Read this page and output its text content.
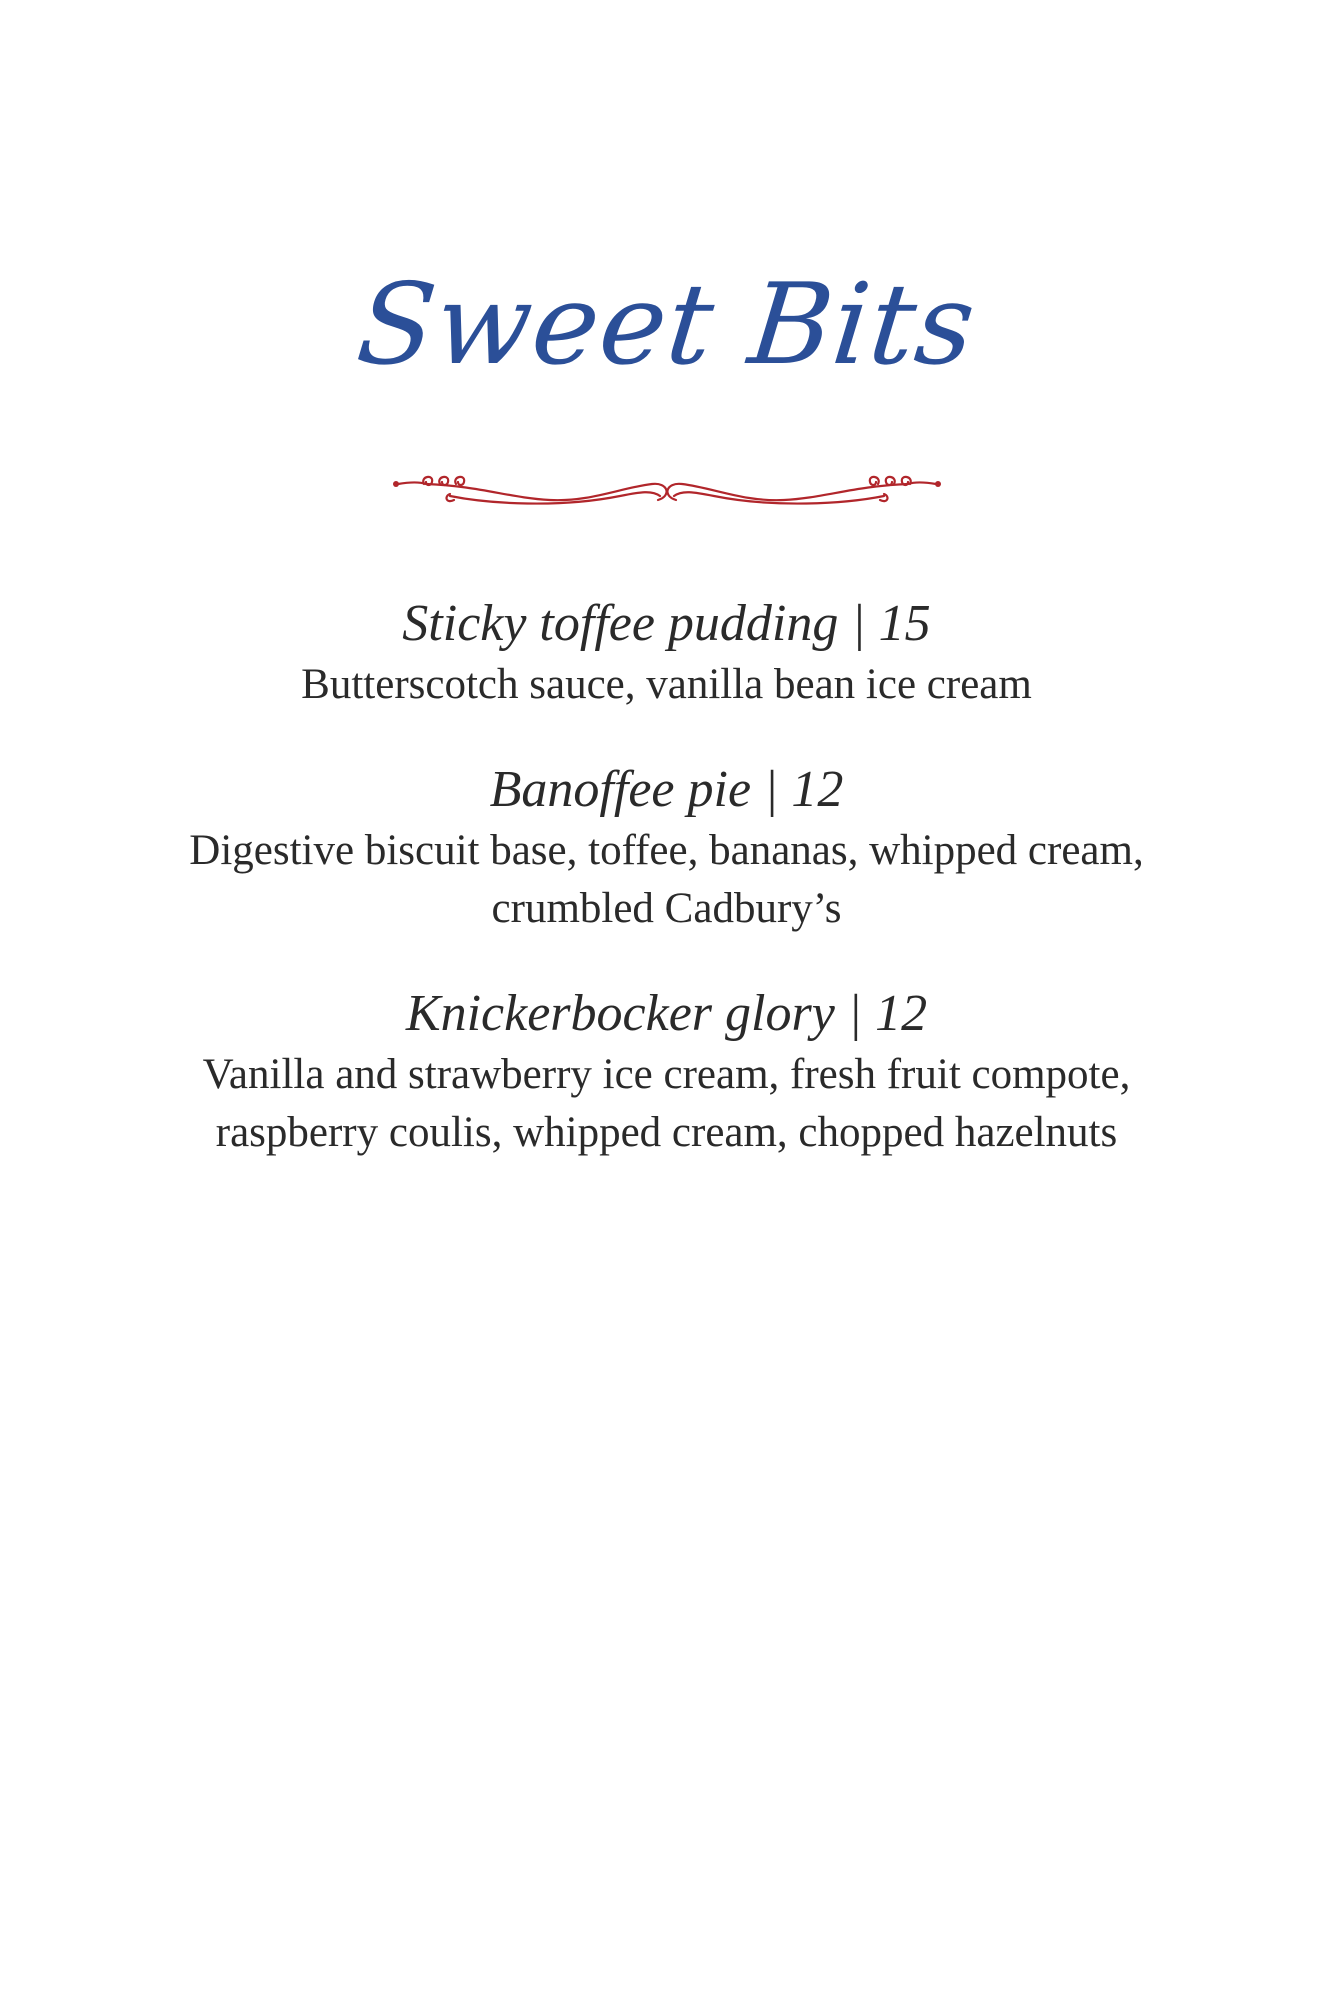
Sweet Bits
Sticky toffee pudding | 15
Butterscotch sauce, vanilla bean ice cream
Banoffee pie | 12
Digestive biscuit base, toffee, bananas, whipped cream, crumbled Cadbury’s
Knickerbocker glory | 12
Vanilla and strawberry ice cream, fresh fruit compote, raspberry coulis, whipped cream, chopped hazelnuts
